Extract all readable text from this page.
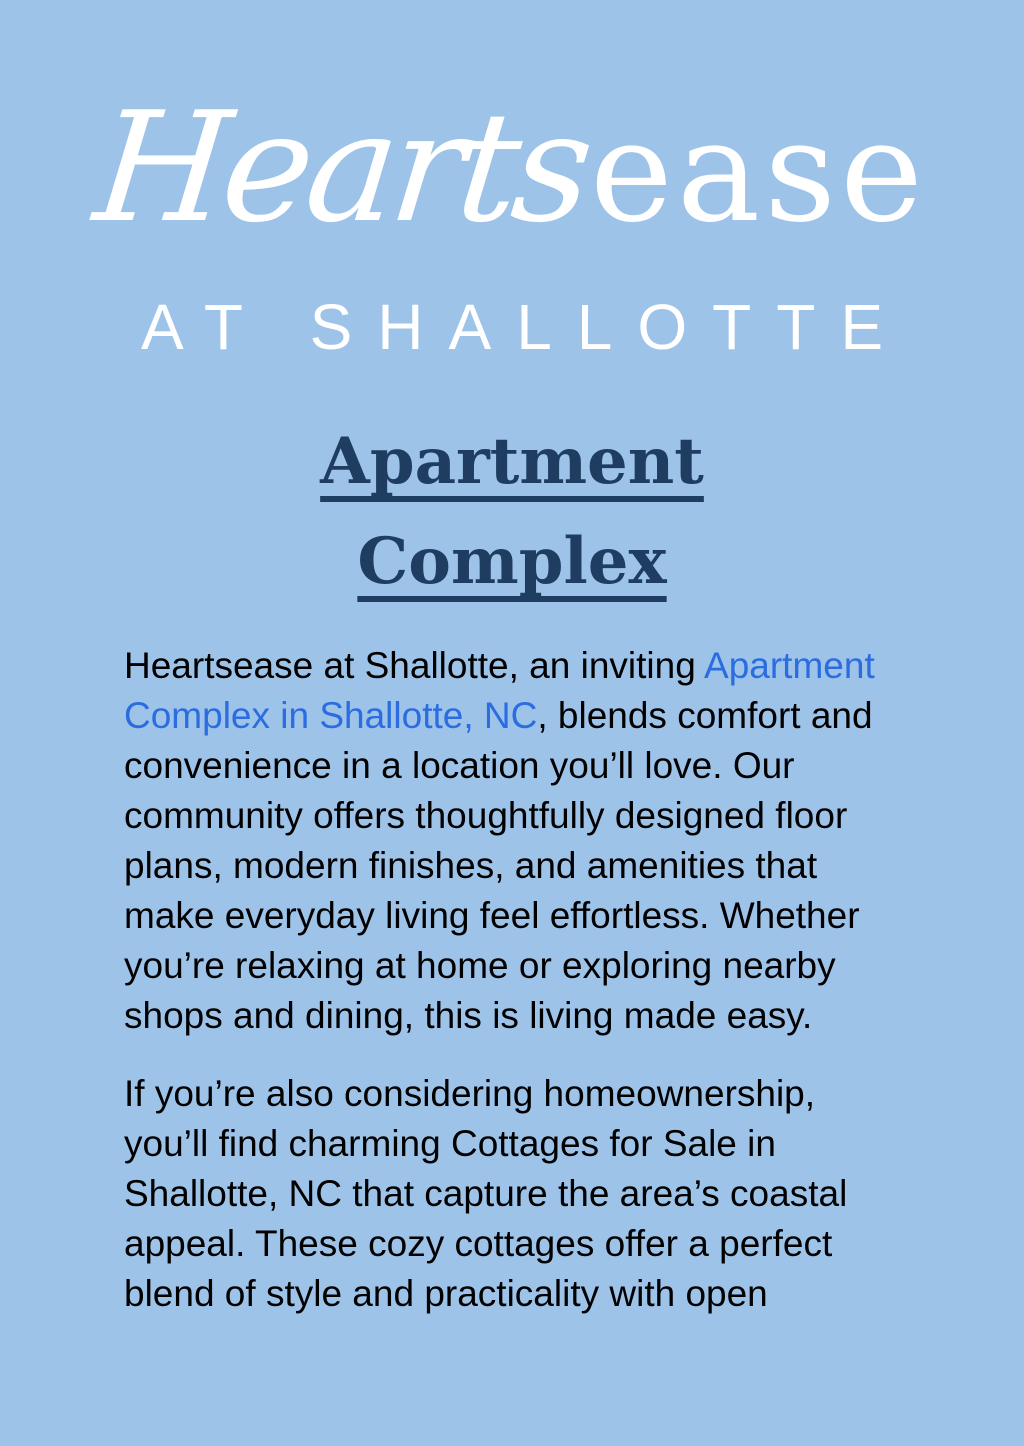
Hearts
ease
AT SHALLOTTE
Apartment
Complex

Heartsease at Shallotte, an inviting Apartment Complex in Shallotte, NC, blends comfort and convenience in a location you’ll love. Our community offers thoughtfully designed floor plans, modern finishes, and amenities that make everyday living feel effortless. Whether you’re relaxing at home or exploring nearby shops and dining, this is living made easy.

If you’re also considering homeownership, you’ll find charming Cottages for Sale in Shallotte, NC that capture the area’s coastal appeal. These cozy cottages offer a perfect blend of style and practicality with open
